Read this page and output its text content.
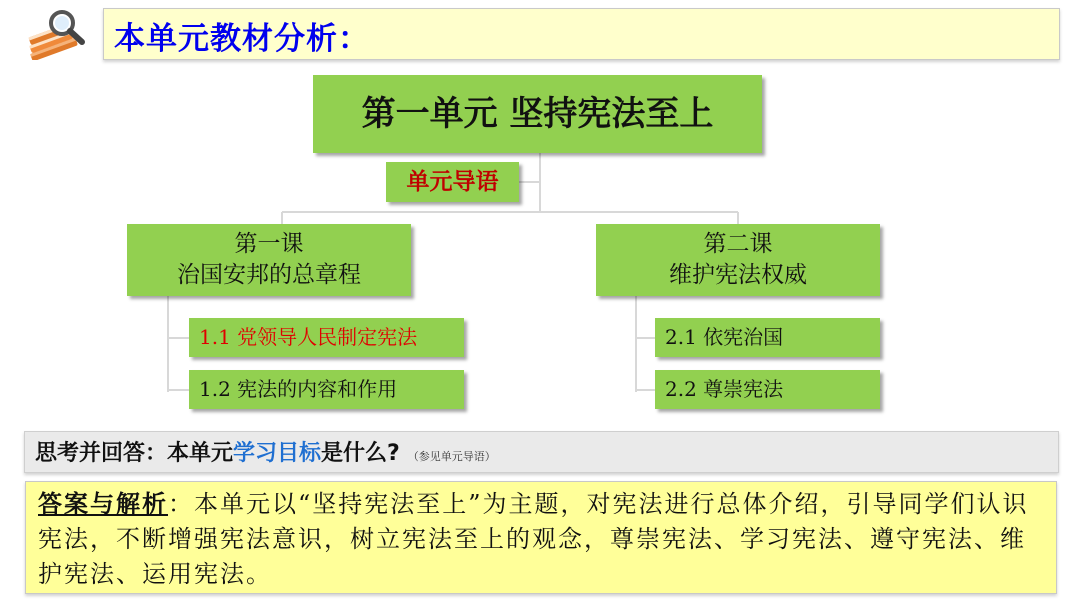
本单元教材分析：
第一单元 坚持宪法至上
单元导语
第一课
治国安邦的总章程
1.1 党领导人民制定宪法
1.2 宪法的内容和作用
第二课
维护宪法权威
2.1 依宪治国
2.2 尊崇宪法
思考并回答：本单元学习目标是什么? （参见单元导语）
答案与解析：本单元以“坚持宪法至上”为主题，对宪法进行总体介绍，引导同学们认识宪法，不断增强宪法意识，树立宪法至上的观念，尊崇宪法、学习宪法、遵守宪法、维护宪法、运用宪法。
